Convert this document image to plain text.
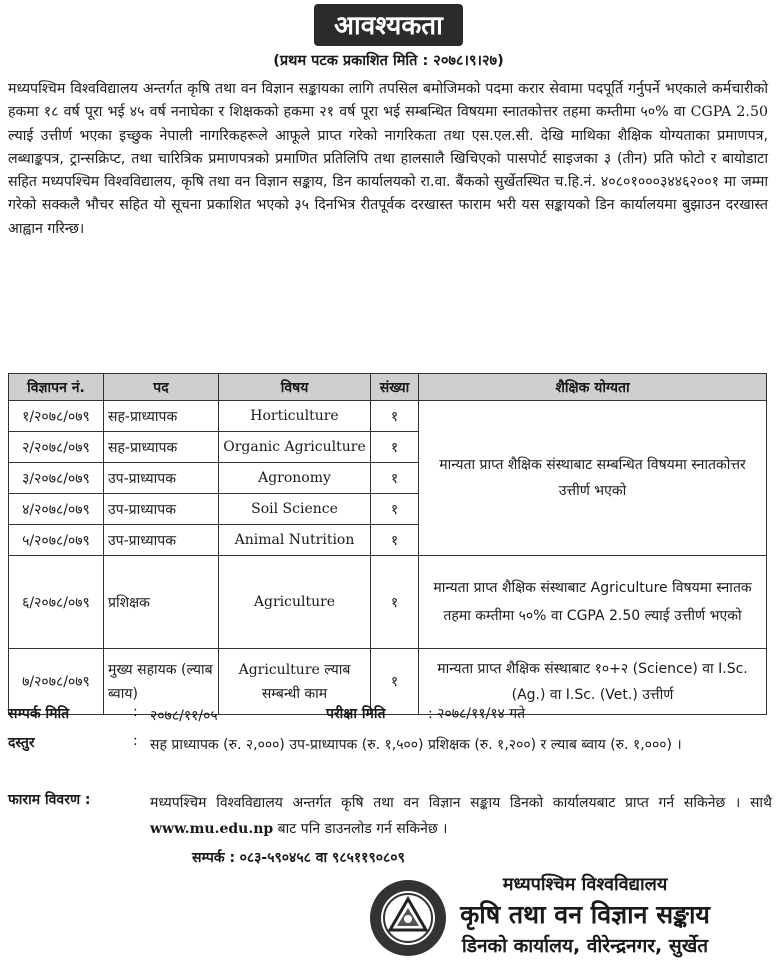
आवश्यकता
(प्रथम पटक प्रकाशित मिति : २०७८।९।२७)
मध्यपश्चिम विश्वविद्यालय अन्तर्गत कृषि तथा वन विज्ञान सङ्कायका लागि तपसिल बमोजिमको पदमा करार सेवामा पदपूर्ति गर्नुपर्ने भएकाले कर्मचारीको हकमा १८ वर्ष पूरा भई ४५ वर्ष ननाघेका र शिक्षकको हकमा २१ वर्ष पूरा भई सम्बन्धित विषयमा स्नातकोत्तर तहमा कम्तीमा ५०% वा CGPA 2.50 ल्याई उत्तीर्ण भएका इच्छुक नेपाली नागरिकहरूले आफूले प्राप्त गरेको नागरिकता तथा एस.एल.सी. देखि माथिका शैक्षिक योग्यताका प्रमाणपत्र, लब्धाङ्कपत्र, ट्रान्सक्रिप्ट, तथा चारित्रिक प्रमाणपत्रको प्रमाणित प्रतिलिपि तथा हालसालै खिचिएको पासपोर्ट साइजका ३ (तीन) प्रति फोटो र बायोडाटा सहित मध्यपश्चिम विश्वविद्यालय, कृषि तथा वन विज्ञान सङ्काय, डिन कार्यालयको रा.वा. बैंकको सुर्खेतस्थित च.हि.नं. ४०८०१०००३४४६२००१ मा जम्मा गरेको सक्कलै भौचर सहित यो सूचना प्रकाशित भएको ३५ दिनभित्र रीतपूर्वक दरखास्त फाराम भरी यस सङ्कायको डिन कार्यालयमा बुझाउन दरखास्त आह्वान गरिन्छ।
विज्ञापन नं.	पद	विषय	संख्या	शैक्षिक योग्यता
१/२०७८/०७९	सह-प्राध्यापक	Horticulture	१	मान्यता प्राप्त शैक्षिक संस्थाबाट सम्बन्धित विषयमा स्नातकोत्तर उत्तीर्ण भएको
२/२०७८/०७९	सह-प्राध्यापक	Organic Agriculture	१	
३/२०७८/०७९	उप-प्राध्यापक	Agronomy	१	
४/२०७८/०७९	उप-प्राध्यापक	Soil Science	१	
५/२०७८/०७९	उप-प्राध्यापक	Animal Nutrition	१	
६/२०७८/०७९	प्रशिक्षक	Agriculture	१	मान्यता प्राप्त शैक्षिक संस्थाबाट Agriculture विषयमा स्नातक तहमा कम्तीमा ५०% वा CGPA 2.50 ल्याई उत्तीर्ण भएको
७/२०७८/०७९	मुख्य सहायक (ल्याब ब्वाय)	Agriculture ल्याब सम्बन्धी काम	१	मान्यता प्राप्त शैक्षिक संस्थाबाट १०+२ (Science) वा I.Sc.(Ag.) वा I.Sc. (Vet.) उत्तीर्ण
सम्पर्क मिति	: २०७८/११/०५	परीक्षा मिति	: २०७८/११/१४ गते
दस्तुर	: सह प्राध्यापक (रु. २,०००) उप-प्राध्यापक (रु. १,५००) प्रशिक्षक (रु. १,२००) र ल्याब ब्वाय (रु. १,०००) ।
फाराम विवरण :	मध्यपश्चिम विश्वविद्यालय अन्तर्गत कृषि तथा वन विज्ञान सङ्काय डिनको कार्यालयबाट प्राप्त गर्न सकिनेछ । साथै www.mu.edu.np बाट पनि डाउनलोड गर्न सकिनेछ ।
सम्पर्क : ०८३-५९०४५८ वा ९८५११९०८०९
मध्यपश्चिम विश्वविद्यालय
कृषि तथा वन विज्ञान सङ्काय
डिनको कार्यालय, वीरेन्द्रनगर, सुर्खेत
